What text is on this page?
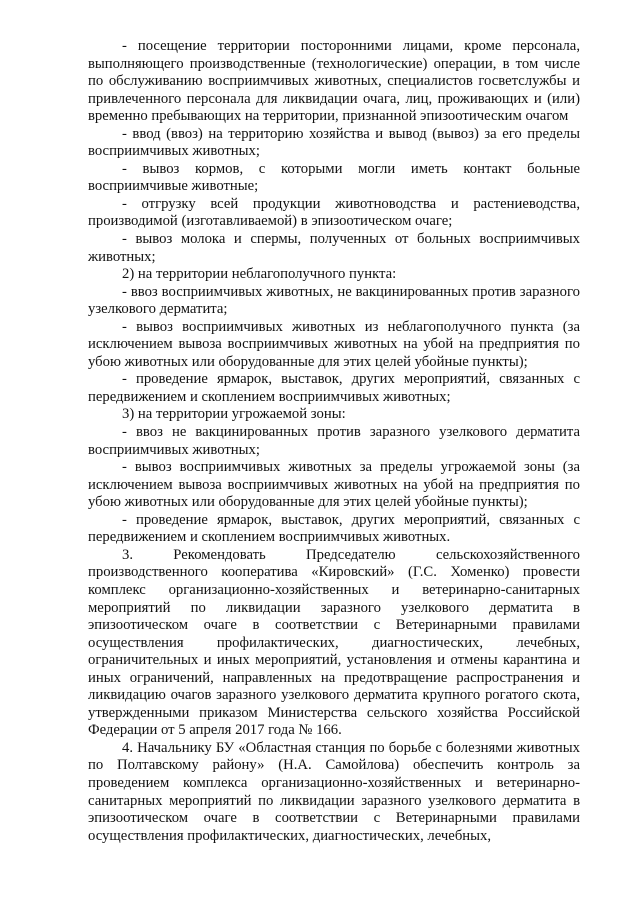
- посещение территории посторонними лицами, кроме персонала, выполняющего производственные (технологические) операции, в том числе по обслуживанию восприимчивых животных, специалистов госветслужбы и привлеченного персонала для ликвидации очага, лиц, проживающих и (или) временно пребывающих на территории, признанной эпизоотическим очагом

- ввод (ввоз) на территорию хозяйства и вывод (вывоз) за его пределы восприимчивых животных;

- вывоз кормов, с которыми могли иметь контакт больные восприимчивые животные;

- отгрузку всей продукции животноводства и растениеводства, производимой (изготавливаемой) в эпизоотическом очаге;

- вывоз молока и спермы, полученных от больных восприимчивых животных;

2) на территории неблагополучного пункта:

- ввоз восприимчивых животных, не вакцинированных против заразного узелкового дерматита;

- вывоз восприимчивых животных из неблагополучного пункта (за исключением вывоза восприимчивых животных на убой на предприятия по убою животных или оборудованные для этих целей убойные пункты);

- проведение ярмарок, выставок, других мероприятий, связанных с передвижением и скоплением восприимчивых животных;

3) на территории угрожаемой зоны:

- ввоз не вакцинированных против заразного узелкового дерматита восприимчивых животных;

- вывоз восприимчивых животных за пределы угрожаемой зоны (за исключением вывоза восприимчивых животных на убой на предприятия по убою животных или оборудованные для этих целей убойные пункты);

- проведение ярмарок, выставок, других мероприятий, связанных с передвижением и скоплением восприимчивых животных.

3. Рекомендовать Председателю сельскохозяйственного производственного кооператива «Кировский» (Г.С. Хоменко) провести комплекс организационно-хозяйственных и ветеринарно-санитарных мероприятий по ликвидации заразного узелкового дерматита в эпизоотическом очаге в соответствии с Ветеринарными правилами осуществления профилактических, диагностических, лечебных, ограничительных и иных мероприятий, установления и отмены карантина и иных ограничений, направленных на предотвращение распространения и ликвидацию очагов заразного узелкового дерматита крупного рогатого скота, утвержденными приказом Министерства сельского хозяйства Российской Федерации от 5 апреля 2017 года № 166.

4. Начальнику БУ «Областная станция по борьбе с болезнями животных по Полтавскому району» (Н.А. Самойлова) обеспечить контроль за проведением комплекса организационно-хозяйственных и ветеринарно-санитарных мероприятий по ликвидации заразного узелкового дерматита в эпизоотическом очаге в соответствии с Ветеринарными правилами осуществления профилактических, диагностических, лечебных,
